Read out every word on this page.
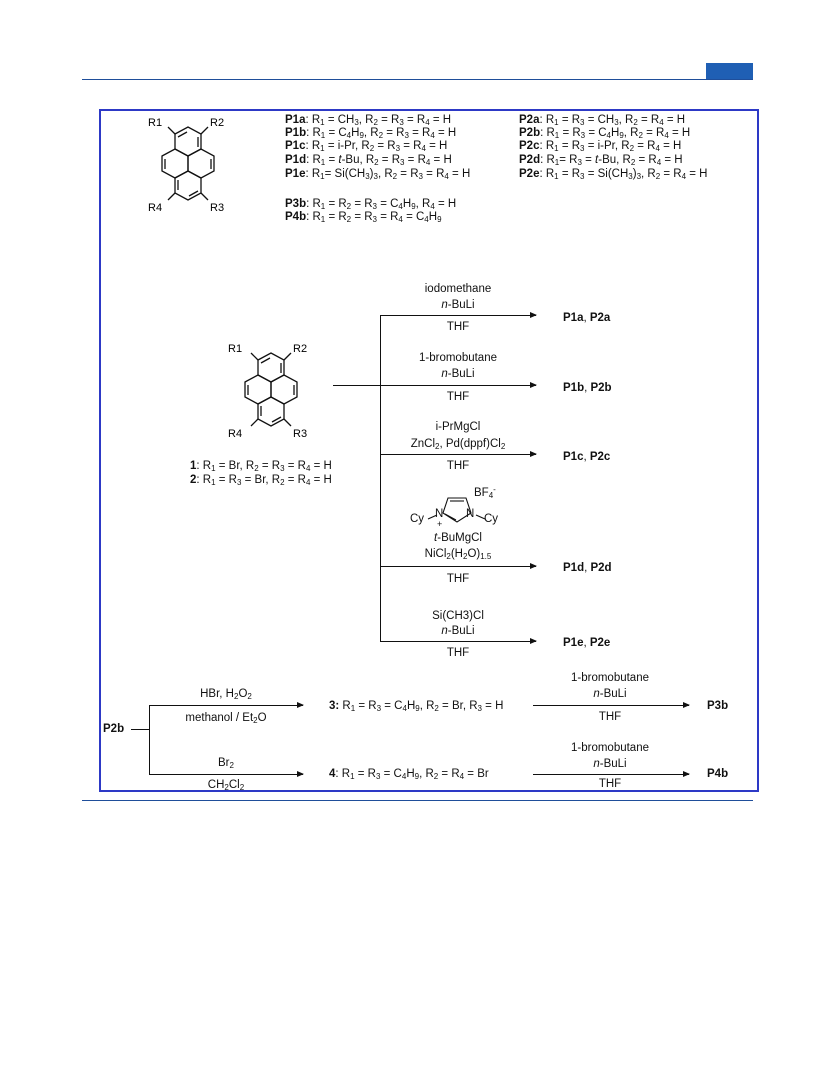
R1	R2
R4	R3
P1a: $R_1 = CH_3$, $R_2 = R_3 = R_4 = H$
P1b: $R_1 = C_4H_9$, $R_2 = R_3 = R_4 = H$
P1c: $R_1 = i-Pr$, $R_2 = R_3 = R_4 = H$
P1d: $R_1 = t-Bu$, $R_2 = R_3 = R_4 = H$
P1e: $R_1= Si(CH_3)_3$, $R_2 = R_3 = R_4 = H$
P3b: $R_1 = R_2 = R_3 = C_4H_9$, $R_4 = H$
P4b: $R_1 = R_2 = R_3 = R_4 = C_4H_9$
P2a: $R_1 = R_3 = CH_3$, $R_2 = R_4 = H$
P2b: $R_1 = R_3 = C_4H_9$, $R_2 = R_4 = H$
P2c: $R_1 = R_3 = i-Pr$, $R_2 = R_4 = H$
P2d: $R_1= R_3 = t-Bu$, $R_2 = R_4 = H$
P2e: $R_1 = R_3 = Si(CH_3)_3$, $R_2 = R_4 = H$
R1	R2
R4	R3
1: $R_1 = Br$, $R_2 = R_3 = R_4 = H$
2: $R_1 = R_3 = Br$, $R_2 = R_4 = H$
iodomethane
n-BuLi
THF
P1a, P2a
1-bromobutane
n-BuLi
THF
P1b, P2b
i-PrMgCl
ZnCl$_2$, $Pd(dppf)Cl_2$
THF
P1c, P2c
$BF_4^-$
Cy N
+
N Cy
t-BuMgCl
$NiCl_2(H_2O)_{1.5}$
THF
P1d, P2d
Si(CH3)Cl
n-BuLi
THF
P1e, P2e
P2b
HBr, $H_2O_2$
methanol / $Et_2O$
3: $R_1 = R_3 = C_4H_9$, $R_2 = Br$, $R_3 = H$
1-bromobutane
n-BuLi
THF
P3b
$Br_2$
$CH_2Cl_2$
4: $R_1 = R_3 = C_4H_9$, $R_2 = R_4 = Br$
1-bromobutane
n-BuLi
THF
P4b
